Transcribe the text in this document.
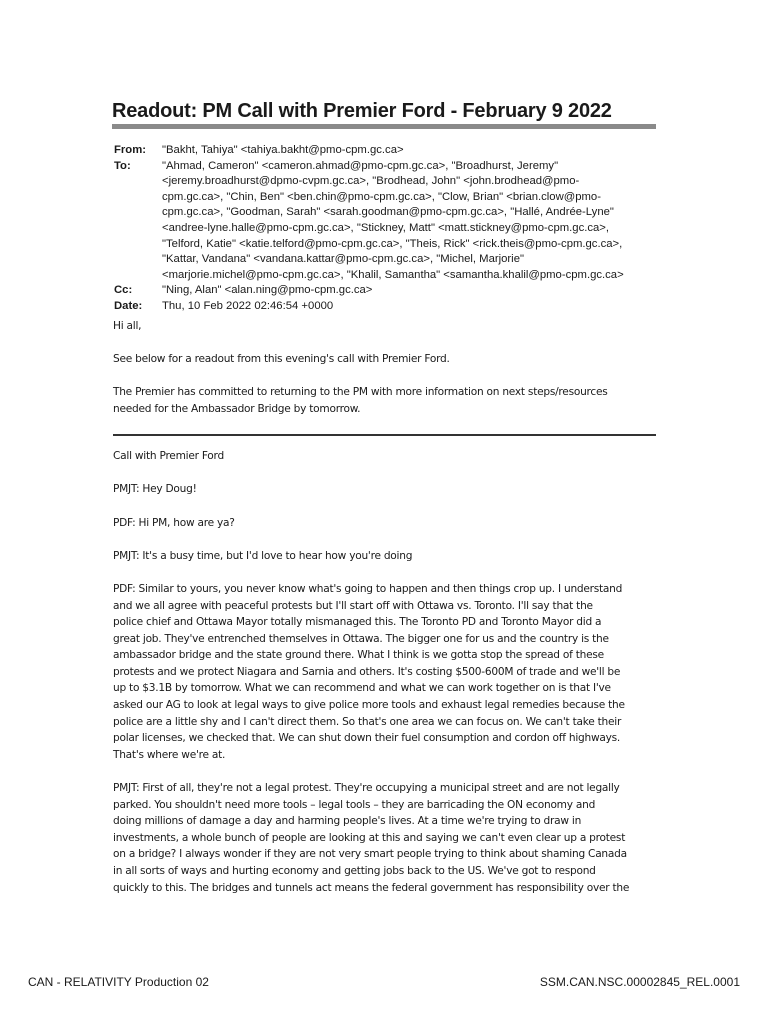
Readout: PM Call with Premier Ford - February 9 2022
From:	"Bakht, Tahiya" <tahiya.bakht@pmo-cpm.gc.ca>
To:	"Ahmad, Cameron" <cameron.ahmad@pmo-cpm.gc.ca>, "Broadhurst, Jeremy"
<jeremy.broadhurst@dpmo-cvpm.gc.ca>, "Brodhead, John" <john.brodhead@pmo-
cpm.gc.ca>, "Chin, Ben" <ben.chin@pmo-cpm.gc.ca>, "Clow, Brian" <brian.clow@pmo-
cpm.gc.ca>, "Goodman, Sarah" <sarah.goodman@pmo-cpm.gc.ca>, "Hallé, Andrée-Lyne"
<andree-lyne.halle@pmo-cpm.gc.ca>, "Stickney, Matt" <matt.stickney@pmo-cpm.gc.ca>,
"Telford, Katie" <katie.telford@pmo-cpm.gc.ca>, "Theis, Rick" <rick.theis@pmo-cpm.gc.ca>,
"Kattar, Vandana" <vandana.kattar@pmo-cpm.gc.ca>, "Michel, Marjorie"
<marjorie.michel@pmo-cpm.gc.ca>, "Khalil, Samantha" <samantha.khalil@pmo-cpm.gc.ca>
Cc:	"Ning, Alan" <alan.ning@pmo-cpm.gc.ca>
Date:	Thu, 10 Feb 2022 02:46:54 +0000

Hi all,

See below for a readout from this evening's call with Premier Ford.

The Premier has committed to returning to the PM with more information on next steps/resources
needed for the Ambassador Bridge by tomorrow.

Call with Premier Ford

PMJT: Hey Doug!

PDF: Hi PM, how are ya?

PMJT: It's a busy time, but I'd love to hear how you're doing

PDF: Similar to yours, you never know what's going to happen and then things crop up. I understand
and we all agree with peaceful protests but I'll start off with Ottawa vs. Toronto. I'll say that the
police chief and Ottawa Mayor totally mismanaged this. The Toronto PD and Toronto Mayor did a
great job. They've entrenched themselves in Ottawa. The bigger one for us and the country is the
ambassador bridge and the state ground there. What I think is we gotta stop the spread of these
protests and we protect Niagara and Sarnia and others. It's costing $500-600M of trade and we'll be
up to $3.1B by tomorrow. What we can recommend and what we can work together on is that I've
asked our AG to look at legal ways to give police more tools and exhaust legal remedies because the
police are a little shy and I can't direct them. So that's one area we can focus on. We can't take their
polar licenses, we checked that. We can shut down their fuel consumption and cordon off highways.
That's where we're at.

PMJT: First of all, they're not a legal protest. They're occupying a municipal street and are not legally
parked. You shouldn't need more tools – legal tools – they are barricading the ON economy and
doing millions of damage a day and harming people's lives. At a time we're trying to draw in
investments, a whole bunch of people are looking at this and saying we can't even clear up a protest
on a bridge? I always wonder if they are not very smart people trying to think about shaming Canada
in all sorts of ways and hurting economy and getting jobs back to the US. We've got to respond
quickly to this. The bridges and tunnels act means the federal government has responsibility over the

CAN - RELATIVITY Production 02	SSM.CAN.NSC.00002845_REL.0001
